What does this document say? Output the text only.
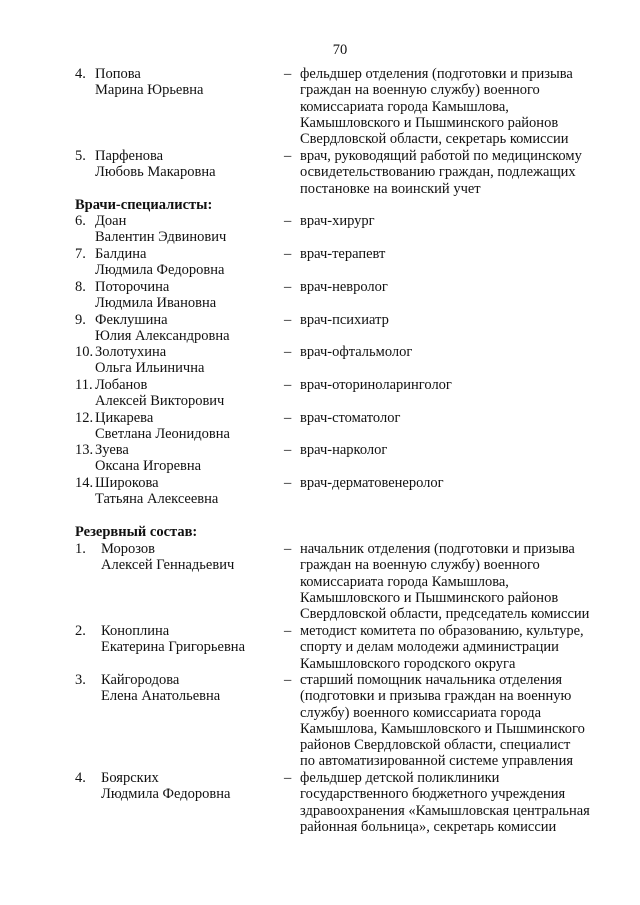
70
4. Попова
Марина Юрьевна
– фельдшер отделения (подготовки и призыва
граждан на военную службу) военного
комиссариата города Камышлова,
Камышловского и Пышминского районов
Свердловской области, секретарь комиссии
5. Парфенова
Любовь Макаровна
– врач, руководящий работой по медицинскому
освидетельствованию граждан, подлежащих
постановке на воинский учет
Врачи-специалисты:
6. Доан
Валентин Эдвинович
– врач-хирург
7. Балдина
Людмила Федоровна
– врач-терапевт
8. Поторочина
Людмила Ивановна
– врач-невролог
9. Феклушина
Юлия Александровна
– врач-психиатр
10. Золотухина
Ольга Ильинична
– врач-офтальмолог
11. Лобанов
Алексей Викторович
– врач-оториноларинголог
12. Цикарева
Светлана Леонидовна
– врач-стоматолог
13. Зуева
Оксана Игоревна
– врач-нарколог
14. Широкова
Татьяна Алексеевна
– врач-дерматовенеролог
Резервный состав:
1. Морозов
Алексей Геннадьевич
– начальник отделения (подготовки и призыва
граждан на военную службу) военного
комиссариата города Камышлова,
Камышловского и Пышминского районов
Свердловской области, председатель комиссии
2. Коноплина
Екатерина Григорьевна
– методист комитета по образованию, культуре,
спорту и делам молодежи администрации
Камышловского городского округа
3. Кайгородова
Елена Анатольевна
– старший помощник начальника отделения
(подготовки и призыва граждан на военную
службу) военного комиссариата города
Камышлова, Камышловского и Пышминского
районов Свердловской области, специалист
по автоматизированной системе управления
4. Боярских
Людмила Федоровна
– фельдшер детской поликлиники
государственного бюджетного учреждения
здравоохранения «Камышловская центральная
районная больница», секретарь комиссии
